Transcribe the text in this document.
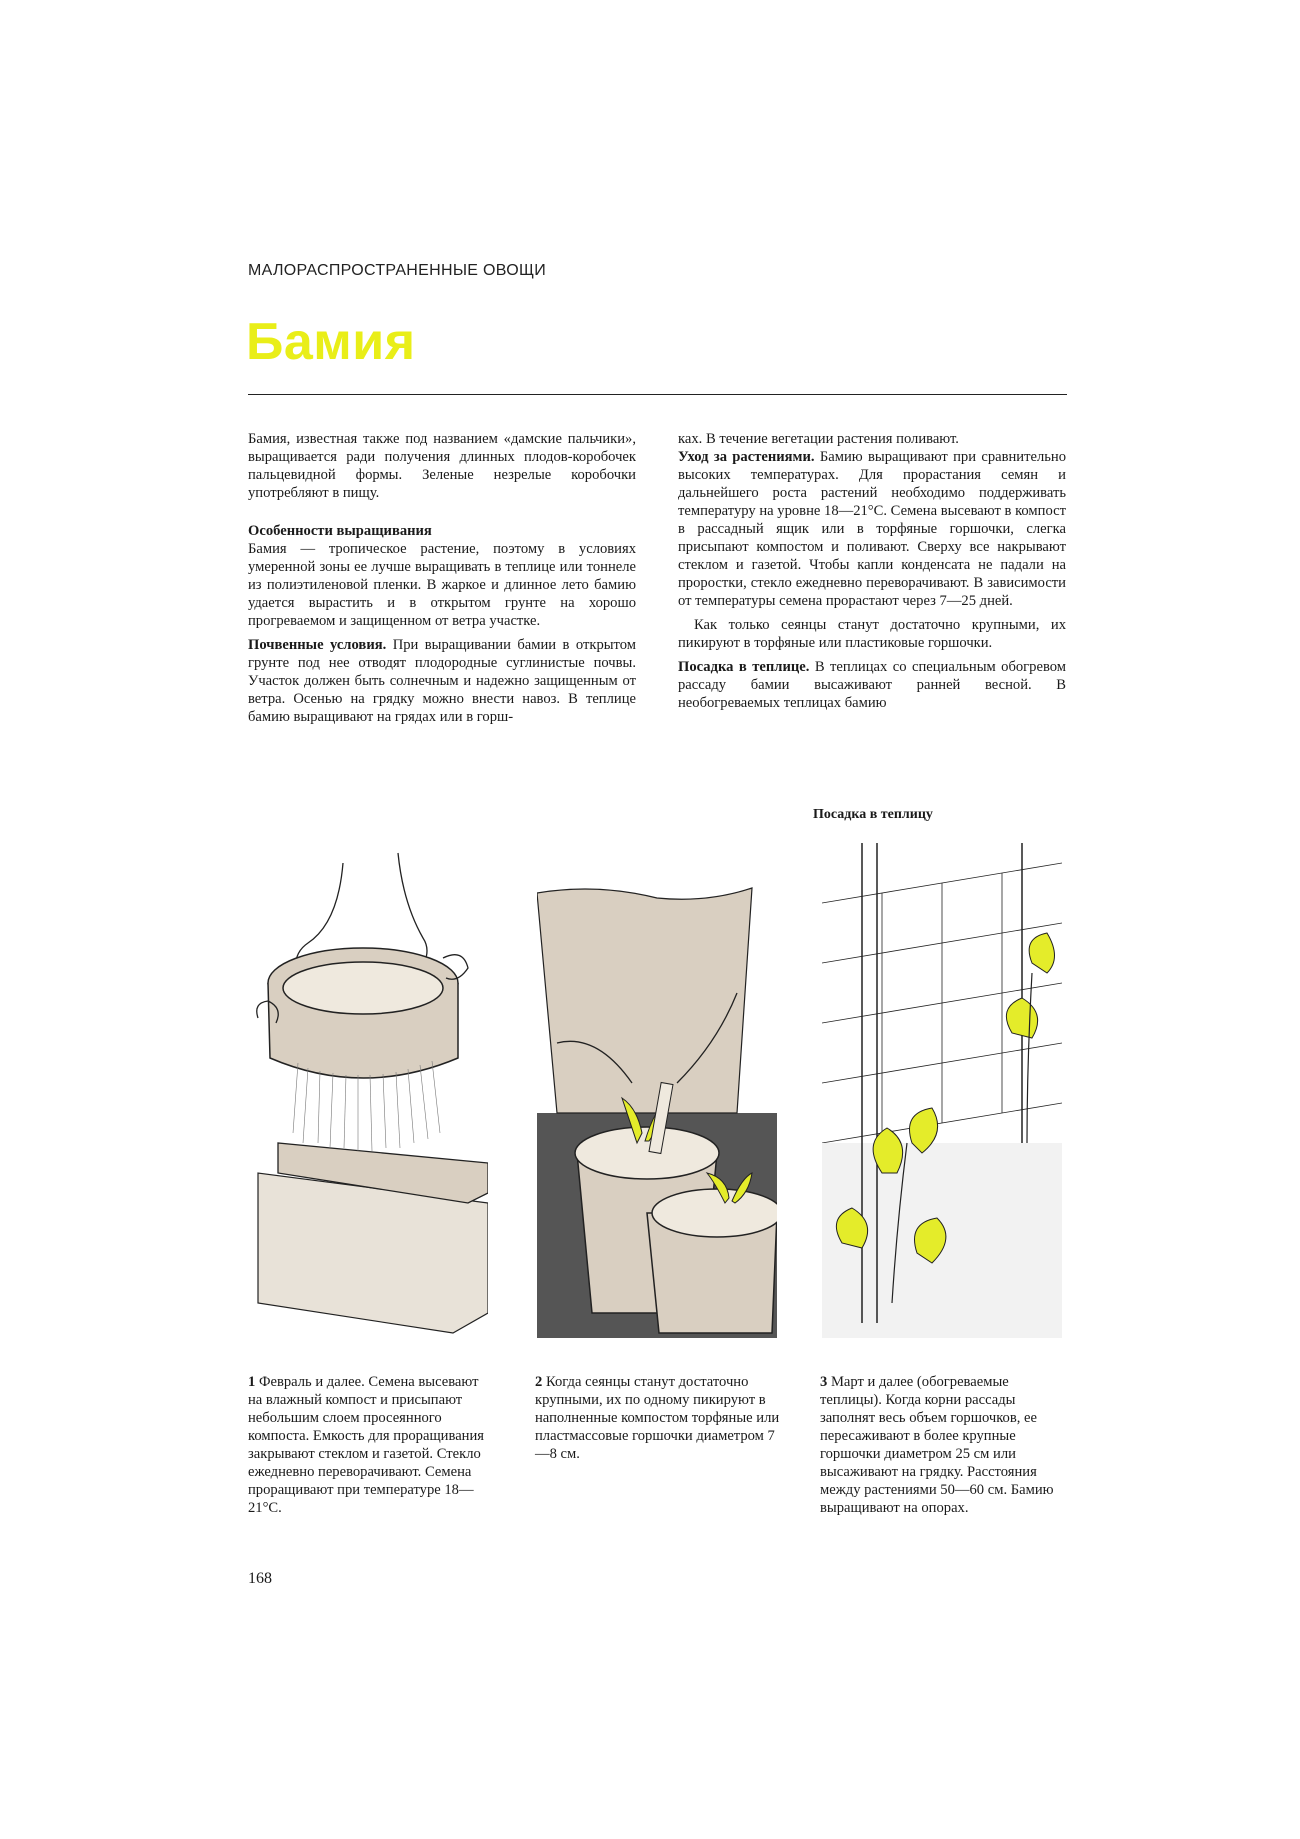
МАЛОРАСПРОСТРАНЕННЫЕ ОВОЩИ
Бамия

Бамия, известная также под названием «дамские пальчики», выращивается ради получения длинных плодов-коробочек пальцевидной формы. Зеленые незрелые коробочки употребляют в пищу.

Особенности выращивания

Бамия — тропическое растение, поэтому в условиях умеренной зоны ее лучше выращивать в теплице или тоннеле из полиэтиленовой пленки. В жаркое и длинное лето бамию удается вырастить и в открытом грунте на хорошо прогреваемом и защищенном от ветра участке.

Почвенные условия. При выращивании бамии в открытом грунте под нее отводят плодородные суглинистые почвы. Участок должен быть солнечным и надежно защищенным от ветра. Осенью на грядку можно внести навоз. В теплице бамию выращивают на грядах или в горш-

ках. В течение вегетации растения поливают.

Уход за растениями. Бамию выращивают при сравнительно высоких температурах. Для прорастания семян и дальнейшего роста растений необходимо поддерживать температуру на уровне 18—21°С. Семена высевают в компост в рассадный ящик или в торфяные горшочки, слегка присыпают компостом и поливают. Сверху все накрывают стеклом и газетой. Чтобы капли конденсата не падали на проростки, стекло ежедневно переворачивают. В зависимости от температуры семена прорастают через 7—25 дней.

Как только сеянцы станут достаточно крупными, их пикируют в торфяные или пластиковые горшочки.

Посадка в теплице. В теплицах со специальным обогревом рассаду бамии высаживают ранней весной. В необогреваемых теплицах бамию

Посадка в теплицу
1 Февраль и далее. Семена высевают на влажный компост и присыпают небольшим слоем просеянного компоста. Емкость для проращивания закрывают стеклом и газетой. Стекло ежедневно переворачивают. Семена проращивают при температуре 18—21°С.
2 Когда сеянцы станут достаточно крупными, их по одному пикируют в наполненные компостом торфяные или пластмассовые горшочки диаметром 7—8 см.
3 Март и далее (обогреваемые теплицы). Когда корни рассады заполнят весь объем горшочков, ее пересаживают в более крупные горшочки диаметром 25 см или высаживают на грядку. Расстояния между растениями 50—60 см. Бамию выращивают на опорах.
168
